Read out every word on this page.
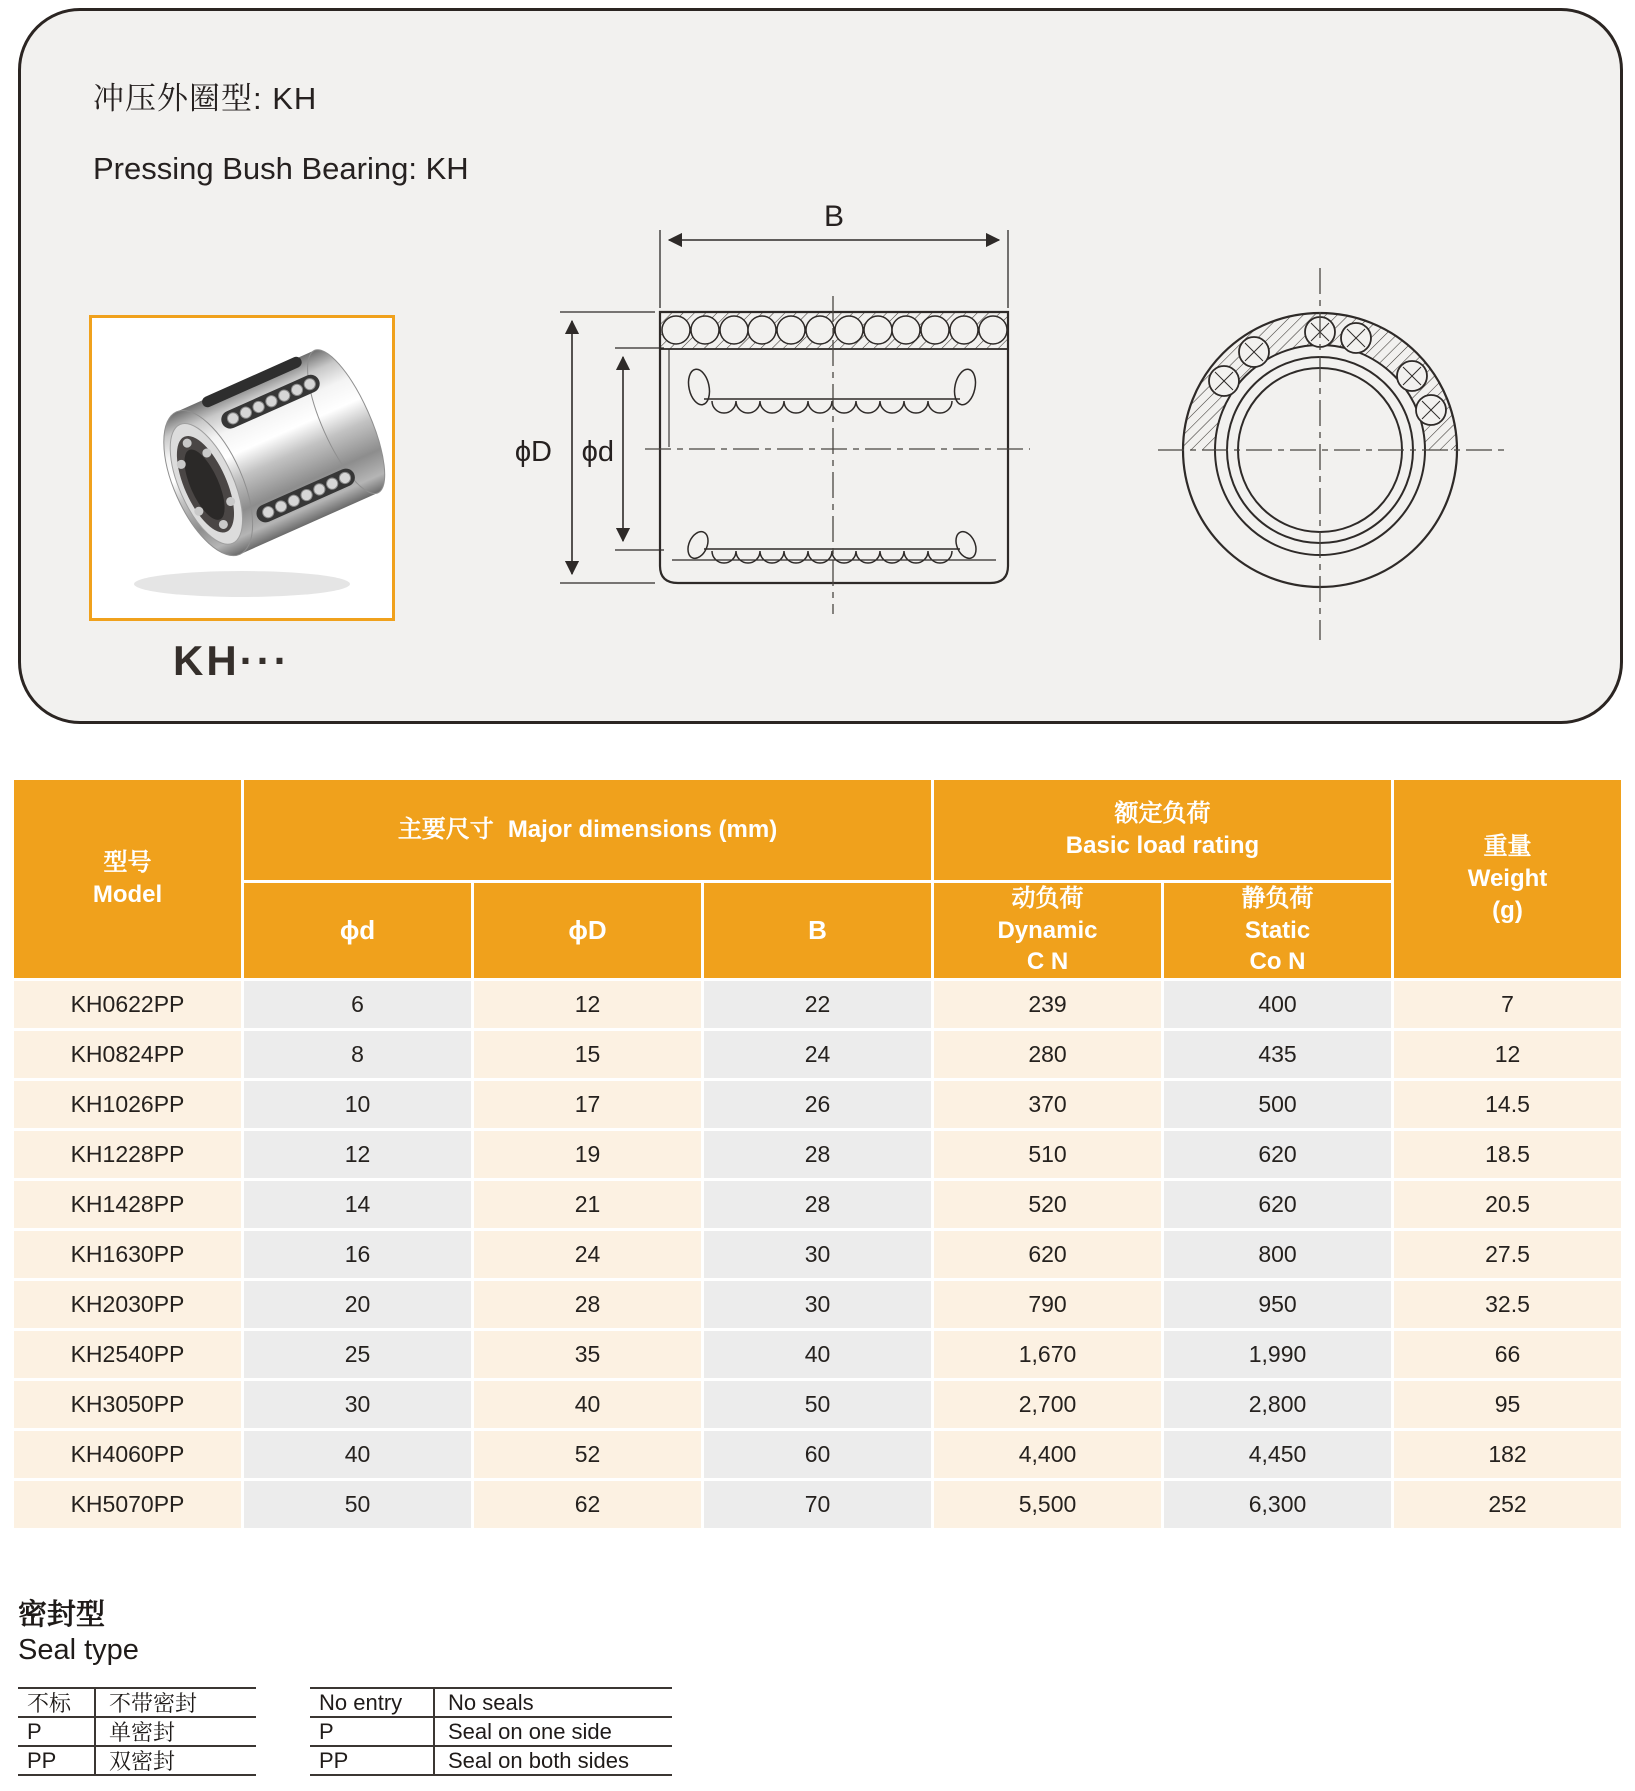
冲压外圈型: KH
Pressing Bush Bearing: KH
KH···
B
ϕD ϕd
型号
Model
主要尺寸 Major dimensions (mm)
额定负荷
Basic load rating	重量
Weight
(g)
ϕd	ϕD	B
动负荷
Dynamic
C N
静负荷
Static
Co N
KH0622PP	6	12	22	239	400	7
KH0824PP	8	15	24	280	435	12
KH1026PP	10	17	26	370	500	14.5
KH1228PP	12	19	28	510	620	18.5
KH1428PP	14	21	28	520	620	20.5
KH1630PP	16	24	30	620	800	27.5
KH2030PP	20	28	30	790	950	32.5
KH2540PP	25	35	40	1,670	1,990	66
KH3050PP	30	40	50	2,700	2,800	95
KH4060PP	40	52	60	4,400	4,450	182
KH5070PP	50	62	70	5,500	6,300	252
密封型
Seal type
不标	不带密封
P	单密封
PP	双密封
No entry	No seals
P	Seal on one side
PP	Seal on both sides
